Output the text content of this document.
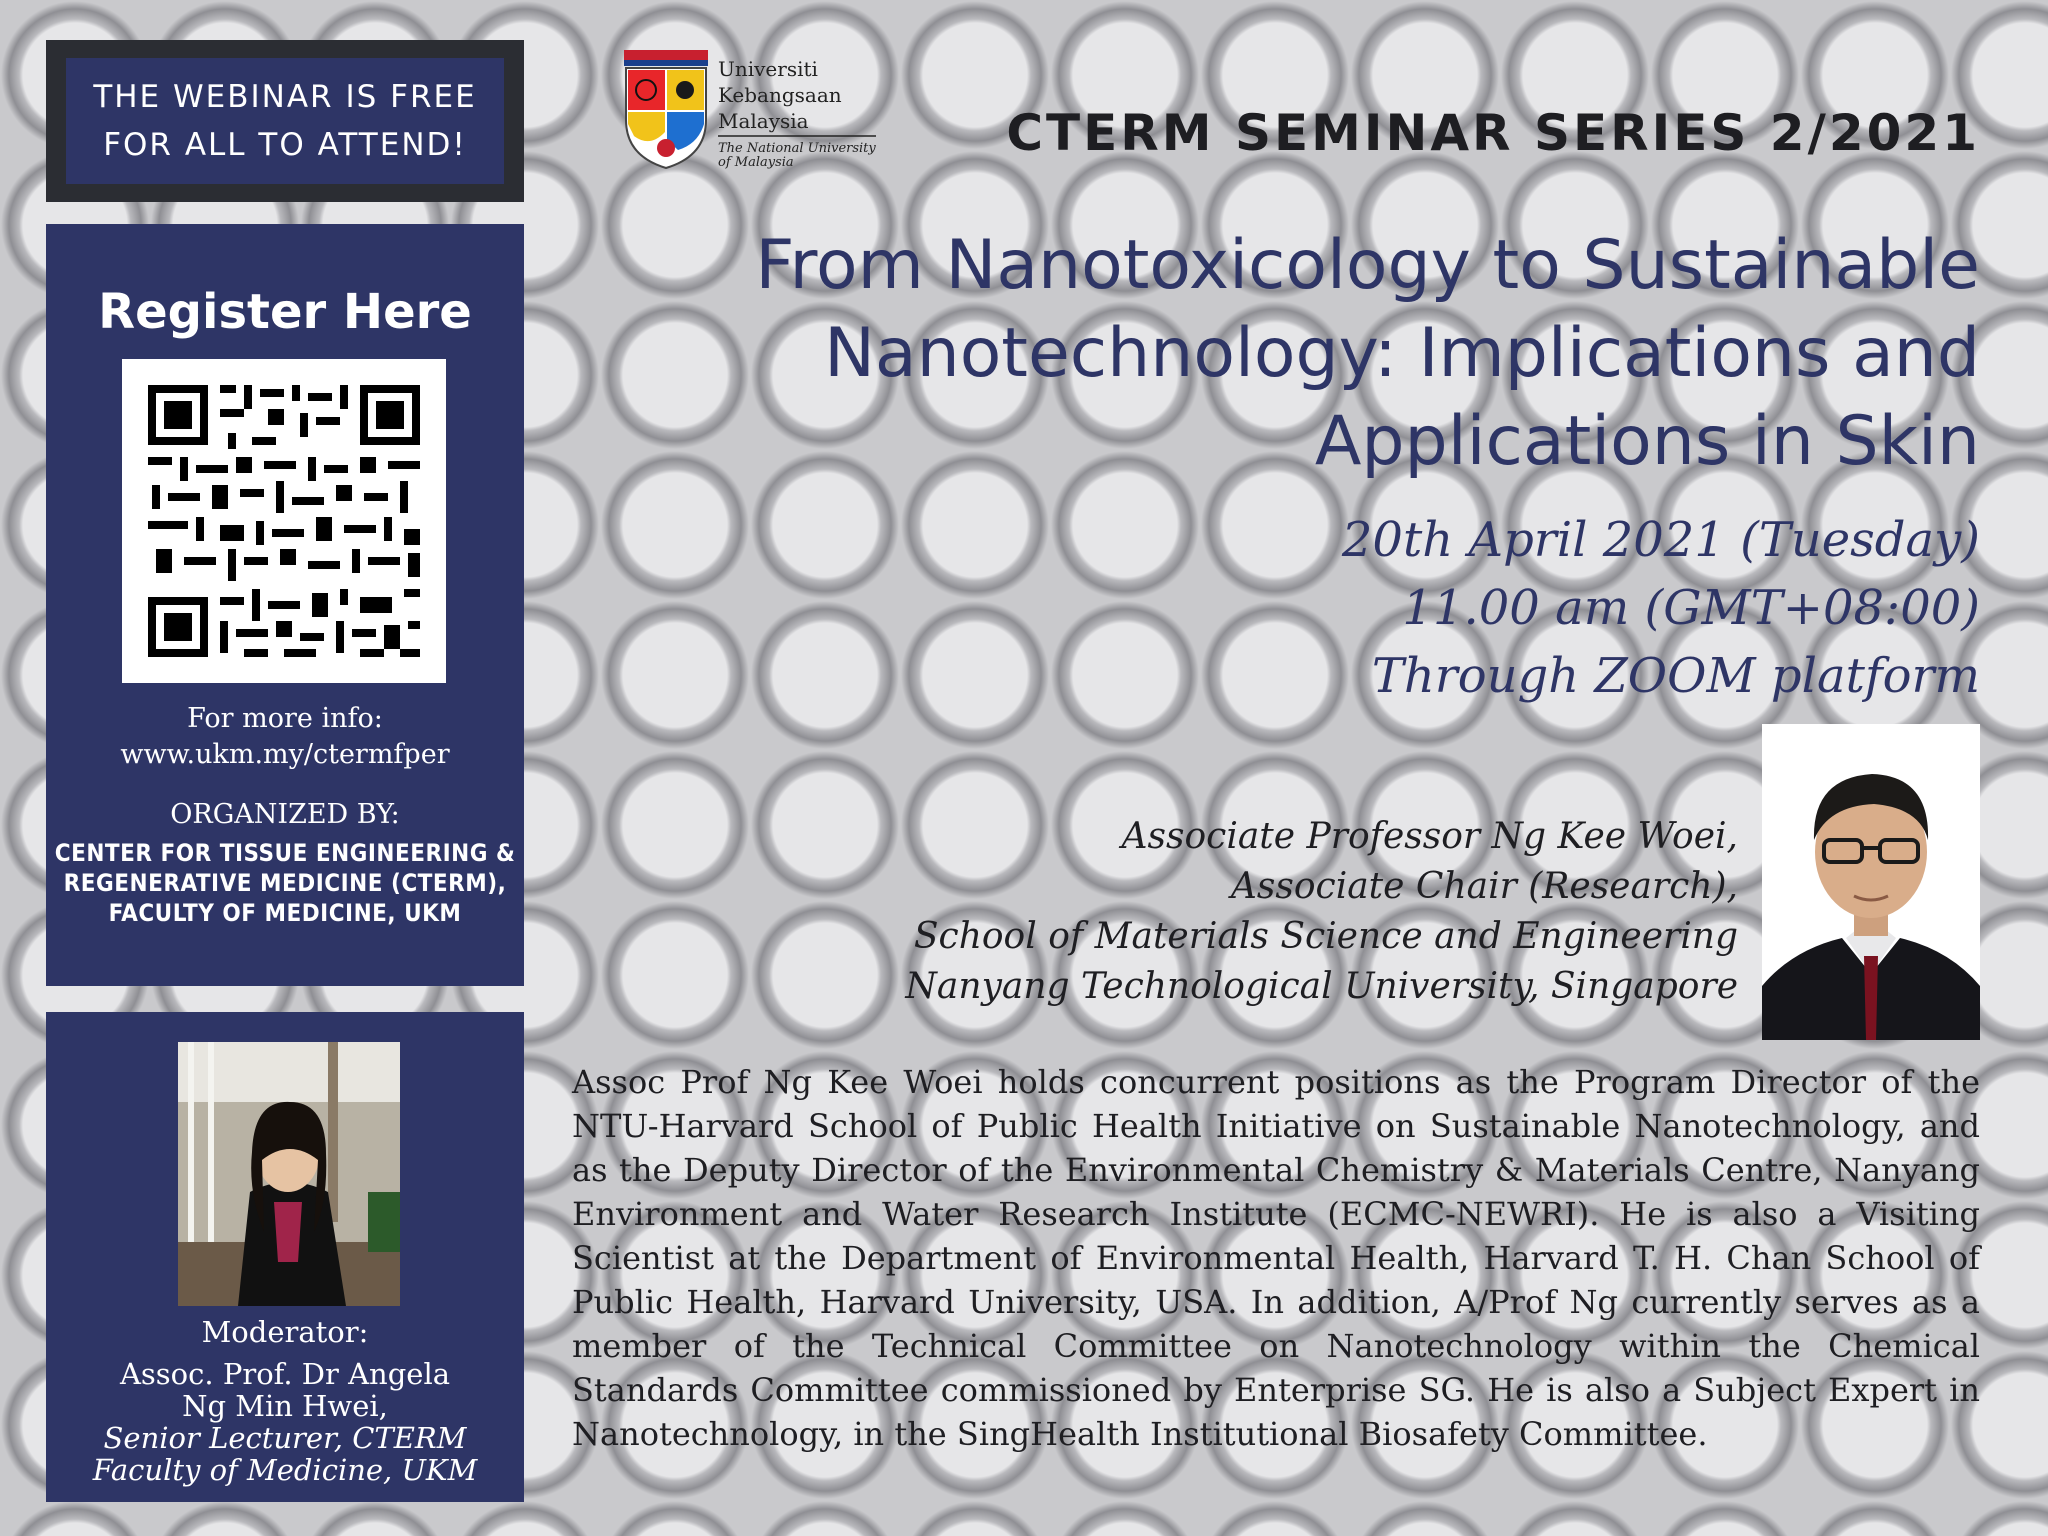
THE WEBINAR IS FREE
FOR ALL TO ATTEND!
Register Here
For more info:
www.ukm.my/ctermfper
ORGANIZED BY:
CENTER FOR TISSUE ENGINEERING &
REGENERATIVE MEDICINE (CTERM),
FACULTY OF MEDICINE, UKM
Moderator:
Assoc. Prof. Dr Angela
Ng Min Hwei,
Senior Lecturer, CTERM
Faculty of Medicine, UKM
Universiti
Kebangsaan
Malaysia
The National University
of Malaysia
CTERM SEMINAR SERIES 2/2021
From Nanotoxicology to Sustainable
Nanotechnology: Implications and
Applications in Skin
20th April 2021 (Tuesday)
11.00 am (GMT+08:00)
Through ZOOM platform
Associate Professor Ng Kee Woei,
Associate Chair (Research),
School of Materials Science and Engineering
Nanyang Technological University, Singapore
Assoc Prof Ng Kee Woei holds concurrent positions as the Program Director of the NTU-Harvard School of Public Health Initiative on Sustainable Nanotechnology, and as the Deputy Director of the Environmental Chemistry & Materials Centre, Nanyang Environment and Water Research Institute (ECMC-NEWRI). He is also a Visiting Scientist at the Department of Environmental Health, Harvard T. H. Chan School of Public Health, Harvard University, USA. In addition, A/Prof Ng currently serves as a member of the Technical Committee on Nanotechnology within the Chemical Standards Committee commissioned by Enterprise SG. He is also a Subject Expert in Nanotechnology, in the SingHealth Institutional Biosafety Committee.
